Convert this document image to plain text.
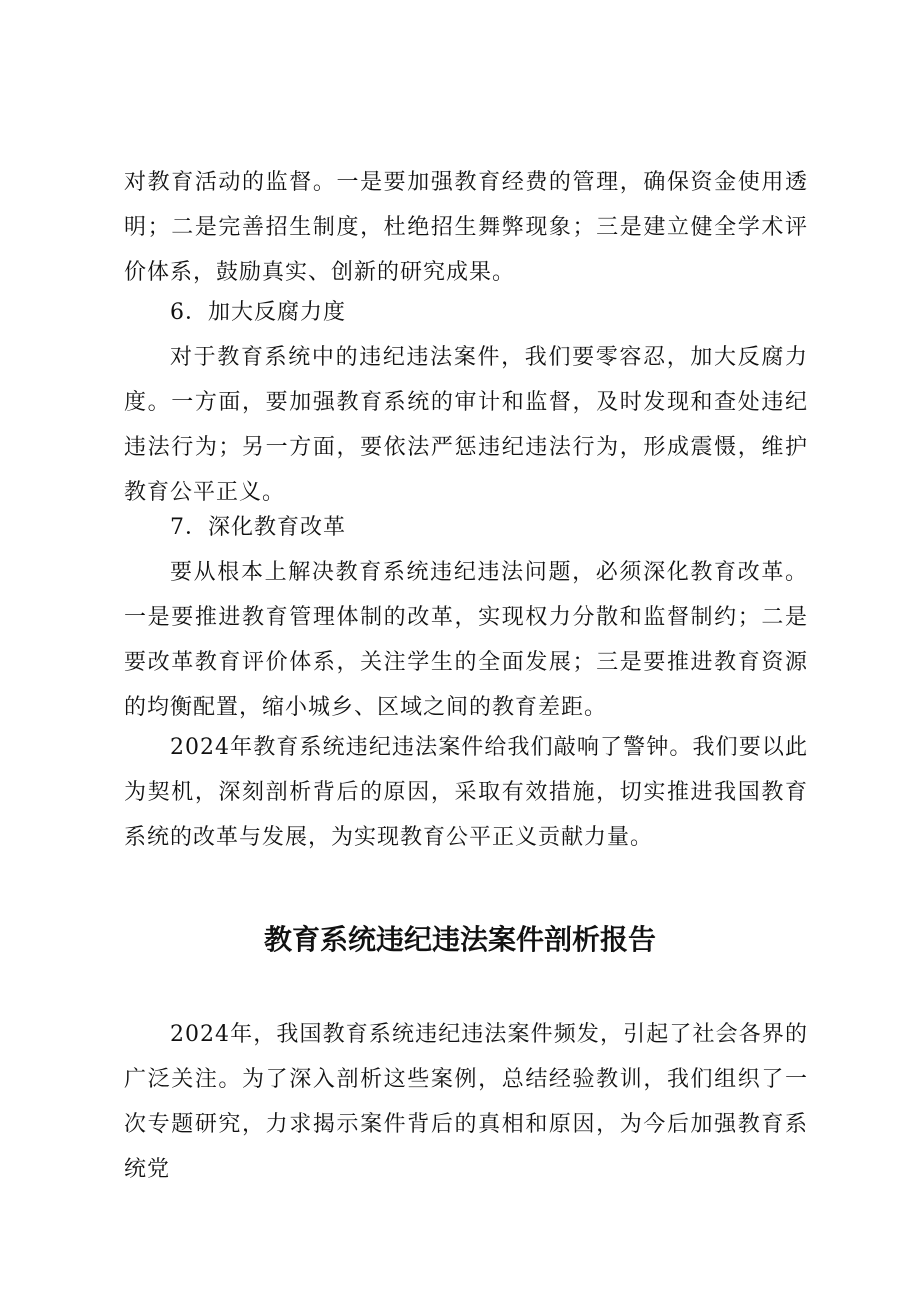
对教育活动的监督。一是要加强教育经费的管理，确保资金使用透明；二是完善招生制度，杜绝招生舞弊现象；三是建立健全学术评价体系，鼓励真实、创新的研究成果。

6．加大反腐力度

对于教育系统中的违纪违法案件，我们要零容忍，加大反腐力度。一方面，要加强教育系统的审计和监督，及时发现和查处违纪违法行为；另一方面，要依法严惩违纪违法行为，形成震慑，维护教育公平正义。

7．深化教育改革

要从根本上解决教育系统违纪违法问题，必须深化教育改革。一是要推进教育管理体制的改革，实现权力分散和监督制约；二是要改革教育评价体系，关注学生的全面发展；三是要推进教育资源的均衡配置，缩小城乡、区域之间的教育差距。

2024年教育系统违纪违法案件给我们敲响了警钟。我们要以此为契机，深刻剖析背后的原因，采取有效措施，切实推进我国教育系统的改革与发展，为实现教育公平正义贡献力量。

教育系统违纪违法案件剖析报告

2024年，我国教育系统违纪违法案件频发，引起了社会各界的广泛关注。为了深入剖析这些案例，总结经验教训，我们组织了一次专题研究，力求揭示案件背后的真相和原因，为今后加强教育系统党
